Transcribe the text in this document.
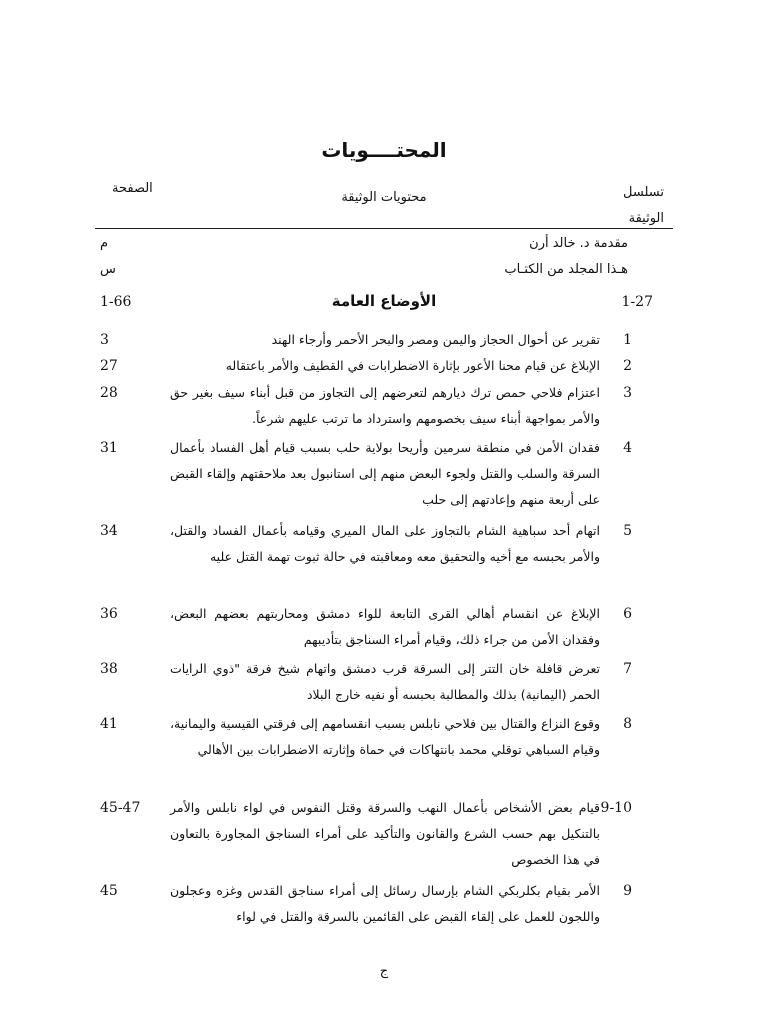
المحتــــويات
تسلسل
الوثيقة
محتويات الوثيقة
الصفحة
مقدمة د. خالد أرن
م
هـذا المجلد من الكتـاب
س
1-27
الأوضاع العامة
1-66
1
تقرير عن أحوال الحجاز واليمن ومصر والبحر الأحمر وأرجاء الهند
3
2
الإبلاغ عن قيام محنا الأعور بإثارة الاضطرابات في القطيف والأمر باعتقاله
27
3
اعتزام فلاحي حمص ترك ديارهم لتعرضهم إلى التجاوز من قبل أبناء سيف بغير حق والأمر بمواجهة أبناء سيف بخصومهم واسترداد ما ترتب عليهم شرعاً.
28
4
فقدان الأمن في منطقة سرمين وأريحا بولاية حلب بسبب قيام أهل الفساد بأعمال السرقة والسلب والقتل ولجوء البعض منهم إلى استانبول بعد ملاحقتهم وإلقاء القبض على أربعة منهم وإعادتهم إلى حلب
31
5
اتهام أحد سباهية الشام بالتجاوز على المال الميري وقيامه بأعمال الفساد والقتل، والأمر بحبسه مع أخيه والتحقيق معه ومعاقبته في حالة ثبوت تهمة القتل عليه
34
6
الإبلاغ عن انقسام أهالي القرى التابعة للواء دمشق ومحاربتهم بعضهم البعض، وفقدان الأمن من جراء ذلك، وقيام أمراء السناجق بتأديبهم
36
7
تعرض قافلة خان التتر إلى السرقة قرب دمشق واتهام شيخ فرقة "ذوي الرايات الحمر (اليمانية) بذلك والمطالبة بحبسه أو نفيه خارج البلاد
38
8
وقوع النزاع والقتال بين فلاحي نابلس بسبب انقسامهم إلى فرقتي القيسية واليمانية، وقيام السباهي توقلي محمد بانتهاكات في حماة وإثارته الاضطرابات بين الأهالي
41
9-10
قيام بعض الأشخاص بأعمال النهب والسرقة وقتل النفوس في لواء نابلس والأمر بالتنكيل بهم حسب الشرع والقانون والتأكيد على أمراء السناجق المجاورة بالتعاون في هذا الخصوص
45-47
9
الأمر بقيام بكلربكي الشام بإرسال رسائل إلى أمراء سناجق القدس وغزه وعجلون واللجون للعمل على إلقاء القبض على القائمين بالسرقة والقتل في لواء
45
ج
